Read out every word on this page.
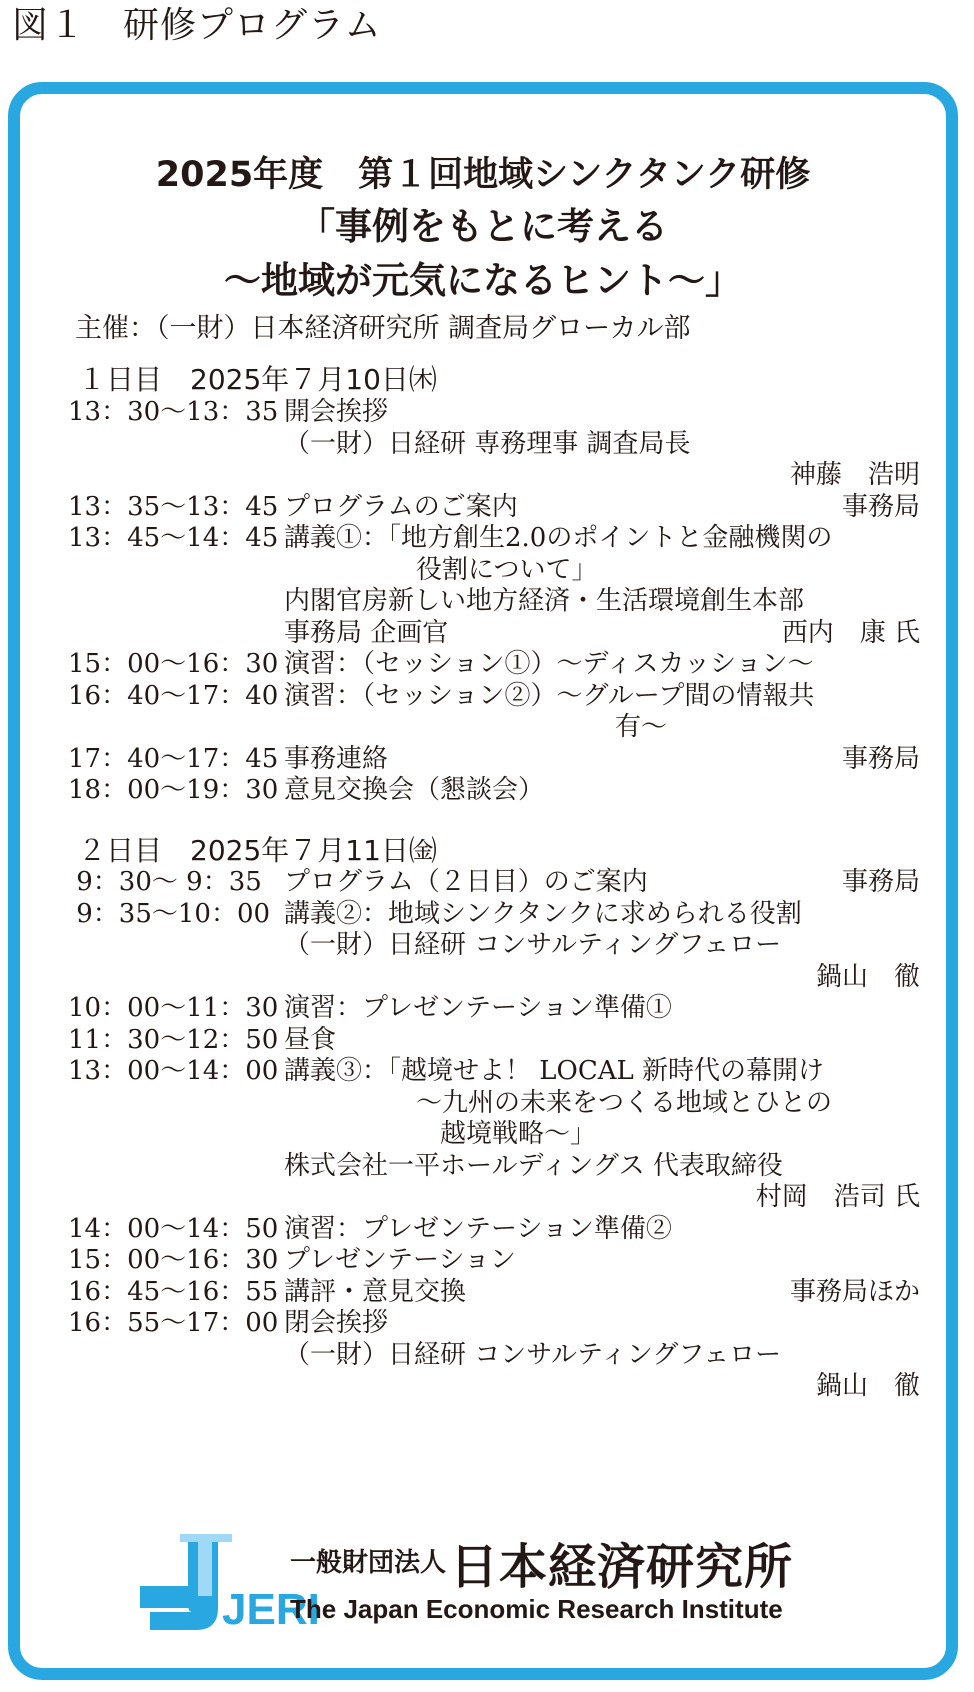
図１　研修プログラム
2025年度　第１回地域シンクタンク研修
「事例をもとに考える
～地域が元気になるヒント～」
主催：（一財）日本経済研究所 調査局グローカル部
１日目　2025年７月10日㈭
13：30～13：35 開会挨拶
（一財）日経研 専務理事 調査局長
神藤　浩明
13：35～13：45 プログラムのご案内	事務局
13：45～14：45 講義①：「地方創生2.0のポイントと金融機関の
役割について」
内閣官房新しい地方経済・生活環境創生本部
事務局 企画官	西内　康 氏
15：00～16：30 演習：（セッション①）～ディスカッション～
16：40～17：40 演習：（セッション②）～グループ間の情報共
有～
17：40～17：45 事務連絡	事務局
18：00～19：30 意見交換会（懇談会）
２日目　2025年７月11日㈮
9：30～ 9：35 プログラム（２日目）のご案内	事務局
9：35～10：00 講義②：地域シンクタンクに求められる役割
（一財）日経研 コンサルティングフェロー
鍋山　徹
10：00～11：30 演習：プレゼンテーション準備①
11：30～12：50 昼食
13：00～14：00 講義③：「越境せよ！ LOCAL 新時代の幕開け
～九州の未来をつくる地域とひとの
越境戦略～」
株式会社一平ホールディングス 代表取締役
村岡　浩司 氏
14：00～14：50 演習：プレゼンテーション準備②
15：00～16：30 プレゼンテーション
16：45～16：55 講評・意見交換	事務局ほか
16：55～17：00 閉会挨拶
（一財）日経研 コンサルティングフェロー
鍋山　徹
JERI
一般財団法人 日本経済研究所
The Japan Economic Research Institute
